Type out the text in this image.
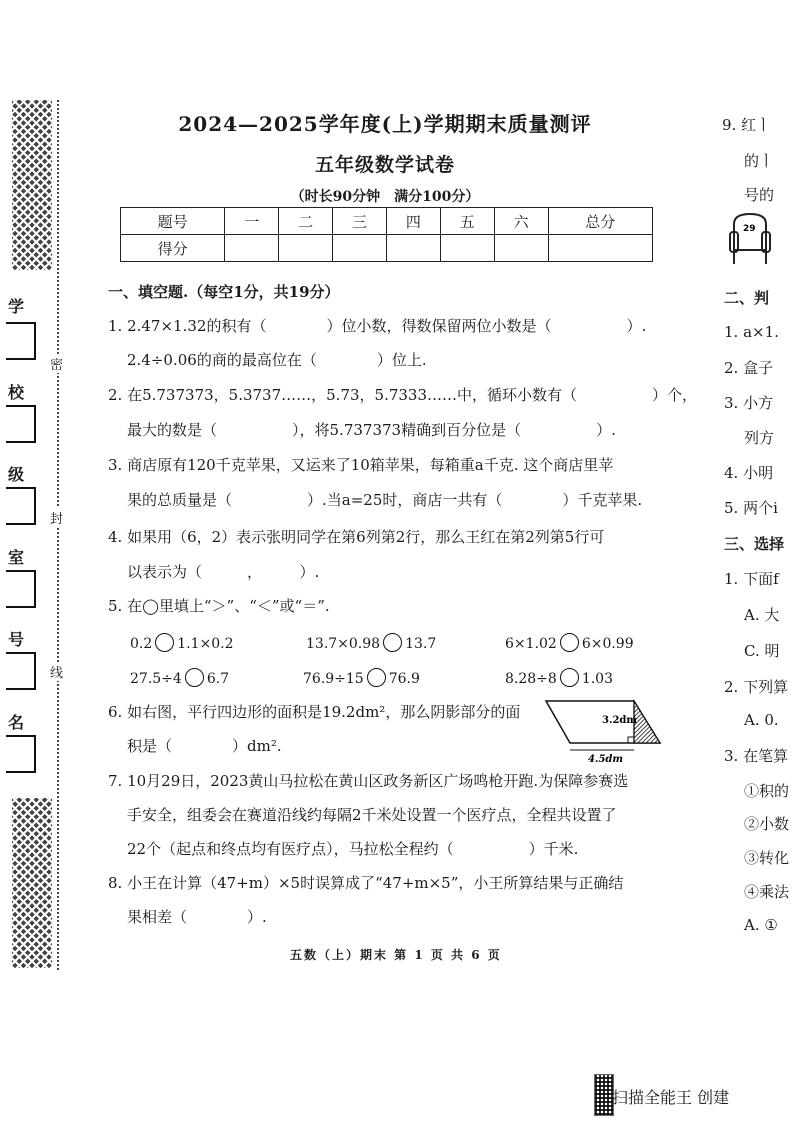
密
封
线
学
校
级
室
号
名
2024—2025学年度(上)学期期末质量测评
五年级数学试卷
（时长90分钟　满分100分）
题号	一	二	三	四	五	六	总分
得分							
一、填空题.（每空1分，共19分）
1. 2.47×1.32的积有（　　　　）位小数，得数保留两位小数是（　　　　　）.
2.4÷0.06的商的最高位在（　　　　）位上.
2. 在5.737373，5.3737……，5.73，5.7333……中，循环小数有（　　　　　）个，
最大的数是（　　　　　），将5.737373精确到百分位是（　　　　　）.
3. 商店原有120千克苹果，又运来了10箱苹果，每箱重a千克. 这个商店里苹
果的总质量是（　　　　　）.当a=25时，商店一共有（　　　　）千克苹果.
4. 如果用（6，2）表示张明同学在第6列第2行，那么王红在第2列第5行可
以表示为（　　　，　　　）.
5. 在◯里填上“＞”、“＜”或“＝”.
0.2 1.1×0.2	13.7×0.98 13.7	6×1.02 6×0.99
27.5÷4 6.7	76.9÷15 76.9	8.28÷8 1.03
6. 如右图，平行四边形的面积是19.2dm²，那么阴影部分的面
积是（　　　　）dm².
3.2dm
4.5dm
7. 10月29日，2023黄山马拉松在黄山区政务新区广场鸣枪开跑.为保障参赛选
手安全，组委会在赛道沿线约每隔2千米处设置一个医疗点，全程共设置了
22个（起点和终点均有医疗点），马拉松全程约（　　　　　）千米.
8. 小王在计算（47+m）×5时误算成了“47+m×5”，小王所算结果与正确结
果相差（　　　　）.
五数（上）期末 第 1 页 共 6 页
9. 红ㅣ
的ㅣ
号的
29
二、判
1. a×1.
2. 盒子
3. 小方
列方
4. 小明
5. 两个i
三、选择
1. 下面f
A. 大
C. 明
2. 下列算
A. 0.
3. 在笔算
①积的
②小数
③转化
④乘法
A. ①
扫描全能王 创建
